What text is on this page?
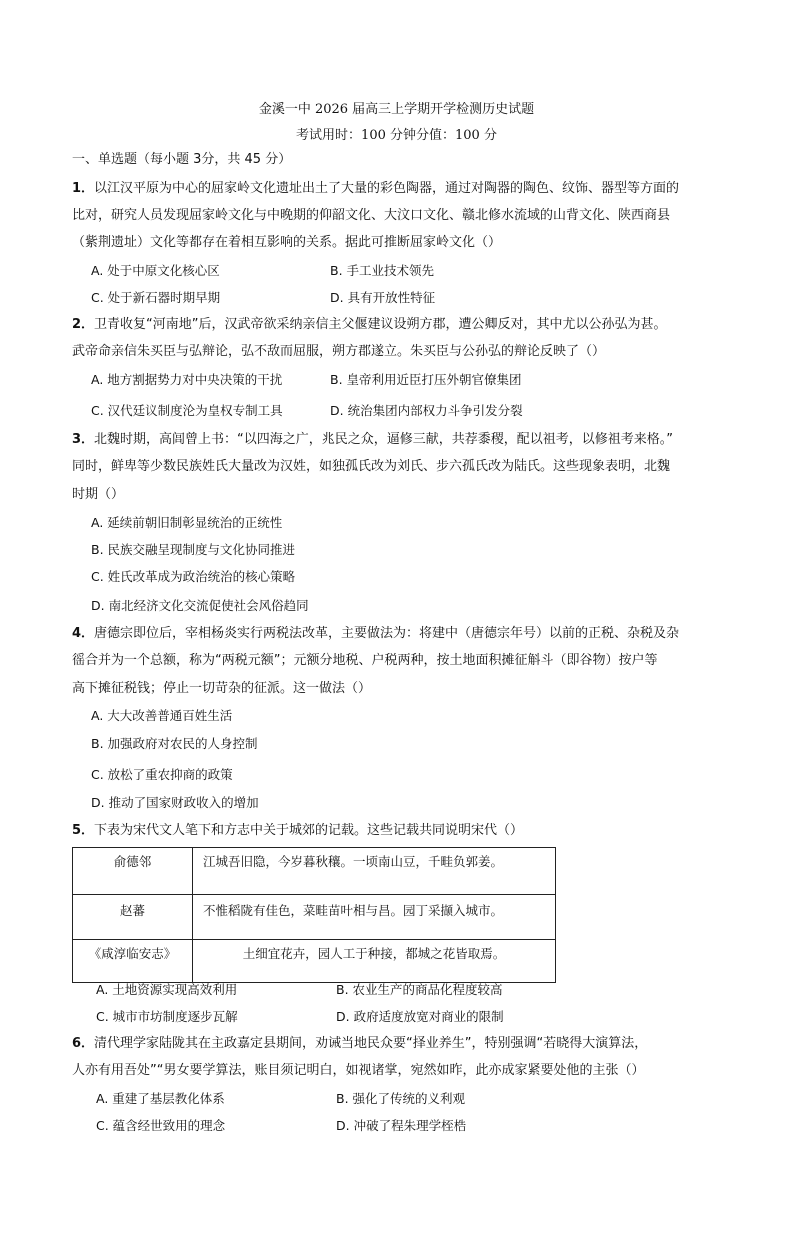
金溪一中 2026 届高三上学期开学检测历史试题
考试用时：100 分钟分值：100 分
一、单选题（每小题 3分，共 45 分）
1．以江汉平原为中心的屈家岭文化遗址出土了大量的彩色陶器，通过对陶器的陶色、纹饰、器型等方面的
比对，研究人员发现屈家岭文化与中晚期的仰韶文化、大汶口文化、赣北修水流域的山背文化、陕西商县
（紫荆遗址）文化等都存在着相互影响的关系。据此可推断屈家岭文化（）
A. 处于中原文化核心区	B. 手工业技术领先
C. 处于新石器时期早期	D. 具有开放性特征
2．卫青收复“河南地”后，汉武帝欲采纳亲信主父偃建议设朔方郡，遭公卿反对，其中尤以公孙弘为甚。
武帝命亲信朱买臣与弘辩论，弘不敌而屈服，朔方郡遂立。朱买臣与公孙弘的辩论反映了（）
A. 地方割据势力对中央决策的干扰	B. 皇帝利用近臣打压外朝官僚集团
C. 汉代廷议制度沦为皇权专制工具	D. 统治集团内部权力斗争引发分裂
3．北魏时期，高闾曾上书：“以四海之广，兆民之众，逼修三献，共荐黍稷，配以祖考，以修祖考来格。”
同时，鲜卑等少数民族姓氏大量改为汉姓，如独孤氏改为刘氏、步六孤氏改为陆氏。这些现象表明，北魏
时期（）
A. 延续前朝旧制彰显统治的正统性
B. 民族交融呈现制度与文化协同推进
C. 姓氏改革成为政治统治的核心策略
D. 南北经济文化交流促使社会风俗趋同
4．唐德宗即位后，宰相杨炎实行两税法改革，主要做法为：将建中（唐德宗年号）以前的正税、杂税及杂
徭合并为一个总额，称为“两税元额”；元额分地税、户税两种，按土地面积摊征斛斗（即谷物）按户等
高下摊征税钱；停止一切苛杂的征派。这一做法（）
A. 大大改善普通百姓生活
B. 加强政府对农民的人身控制
C. 放松了重农抑商的政策
D. 推动了国家财政收入的增加
5．下表为宋代文人笔下和方志中关于城郊的记载。这些记载共同说明宋代（）
俞德邻	江城吾旧隐，今岁暮秋穰。一顷南山豆，千畦负郭姜。
赵蕃	不惟稻陇有佳色，菜畦苗叶相与昌。园丁采撷入城市。
《咸淳临安志》	土细宜花卉，园人工于种接，都城之花皆取焉。
A. 土地资源实现高效利用	B. 农业生产的商品化程度较高
C. 城市市坊制度逐步瓦解	D. 政府适度放宽对商业的限制
6．清代理学家陆陇其在主政嘉定县期间，劝诫当地民众要“择业养生”，特别强调“若晓得大演算法，
人亦有用吾处”“男女要学算法，账目须记明白，如视诸掌，宛然如昨，此亦成家紧要处他的主张（）
A. 重建了基层教化体系	B. 强化了传统的义利观
C. 蕴含经世致用的理念	D. 冲破了程朱理学桎梏
